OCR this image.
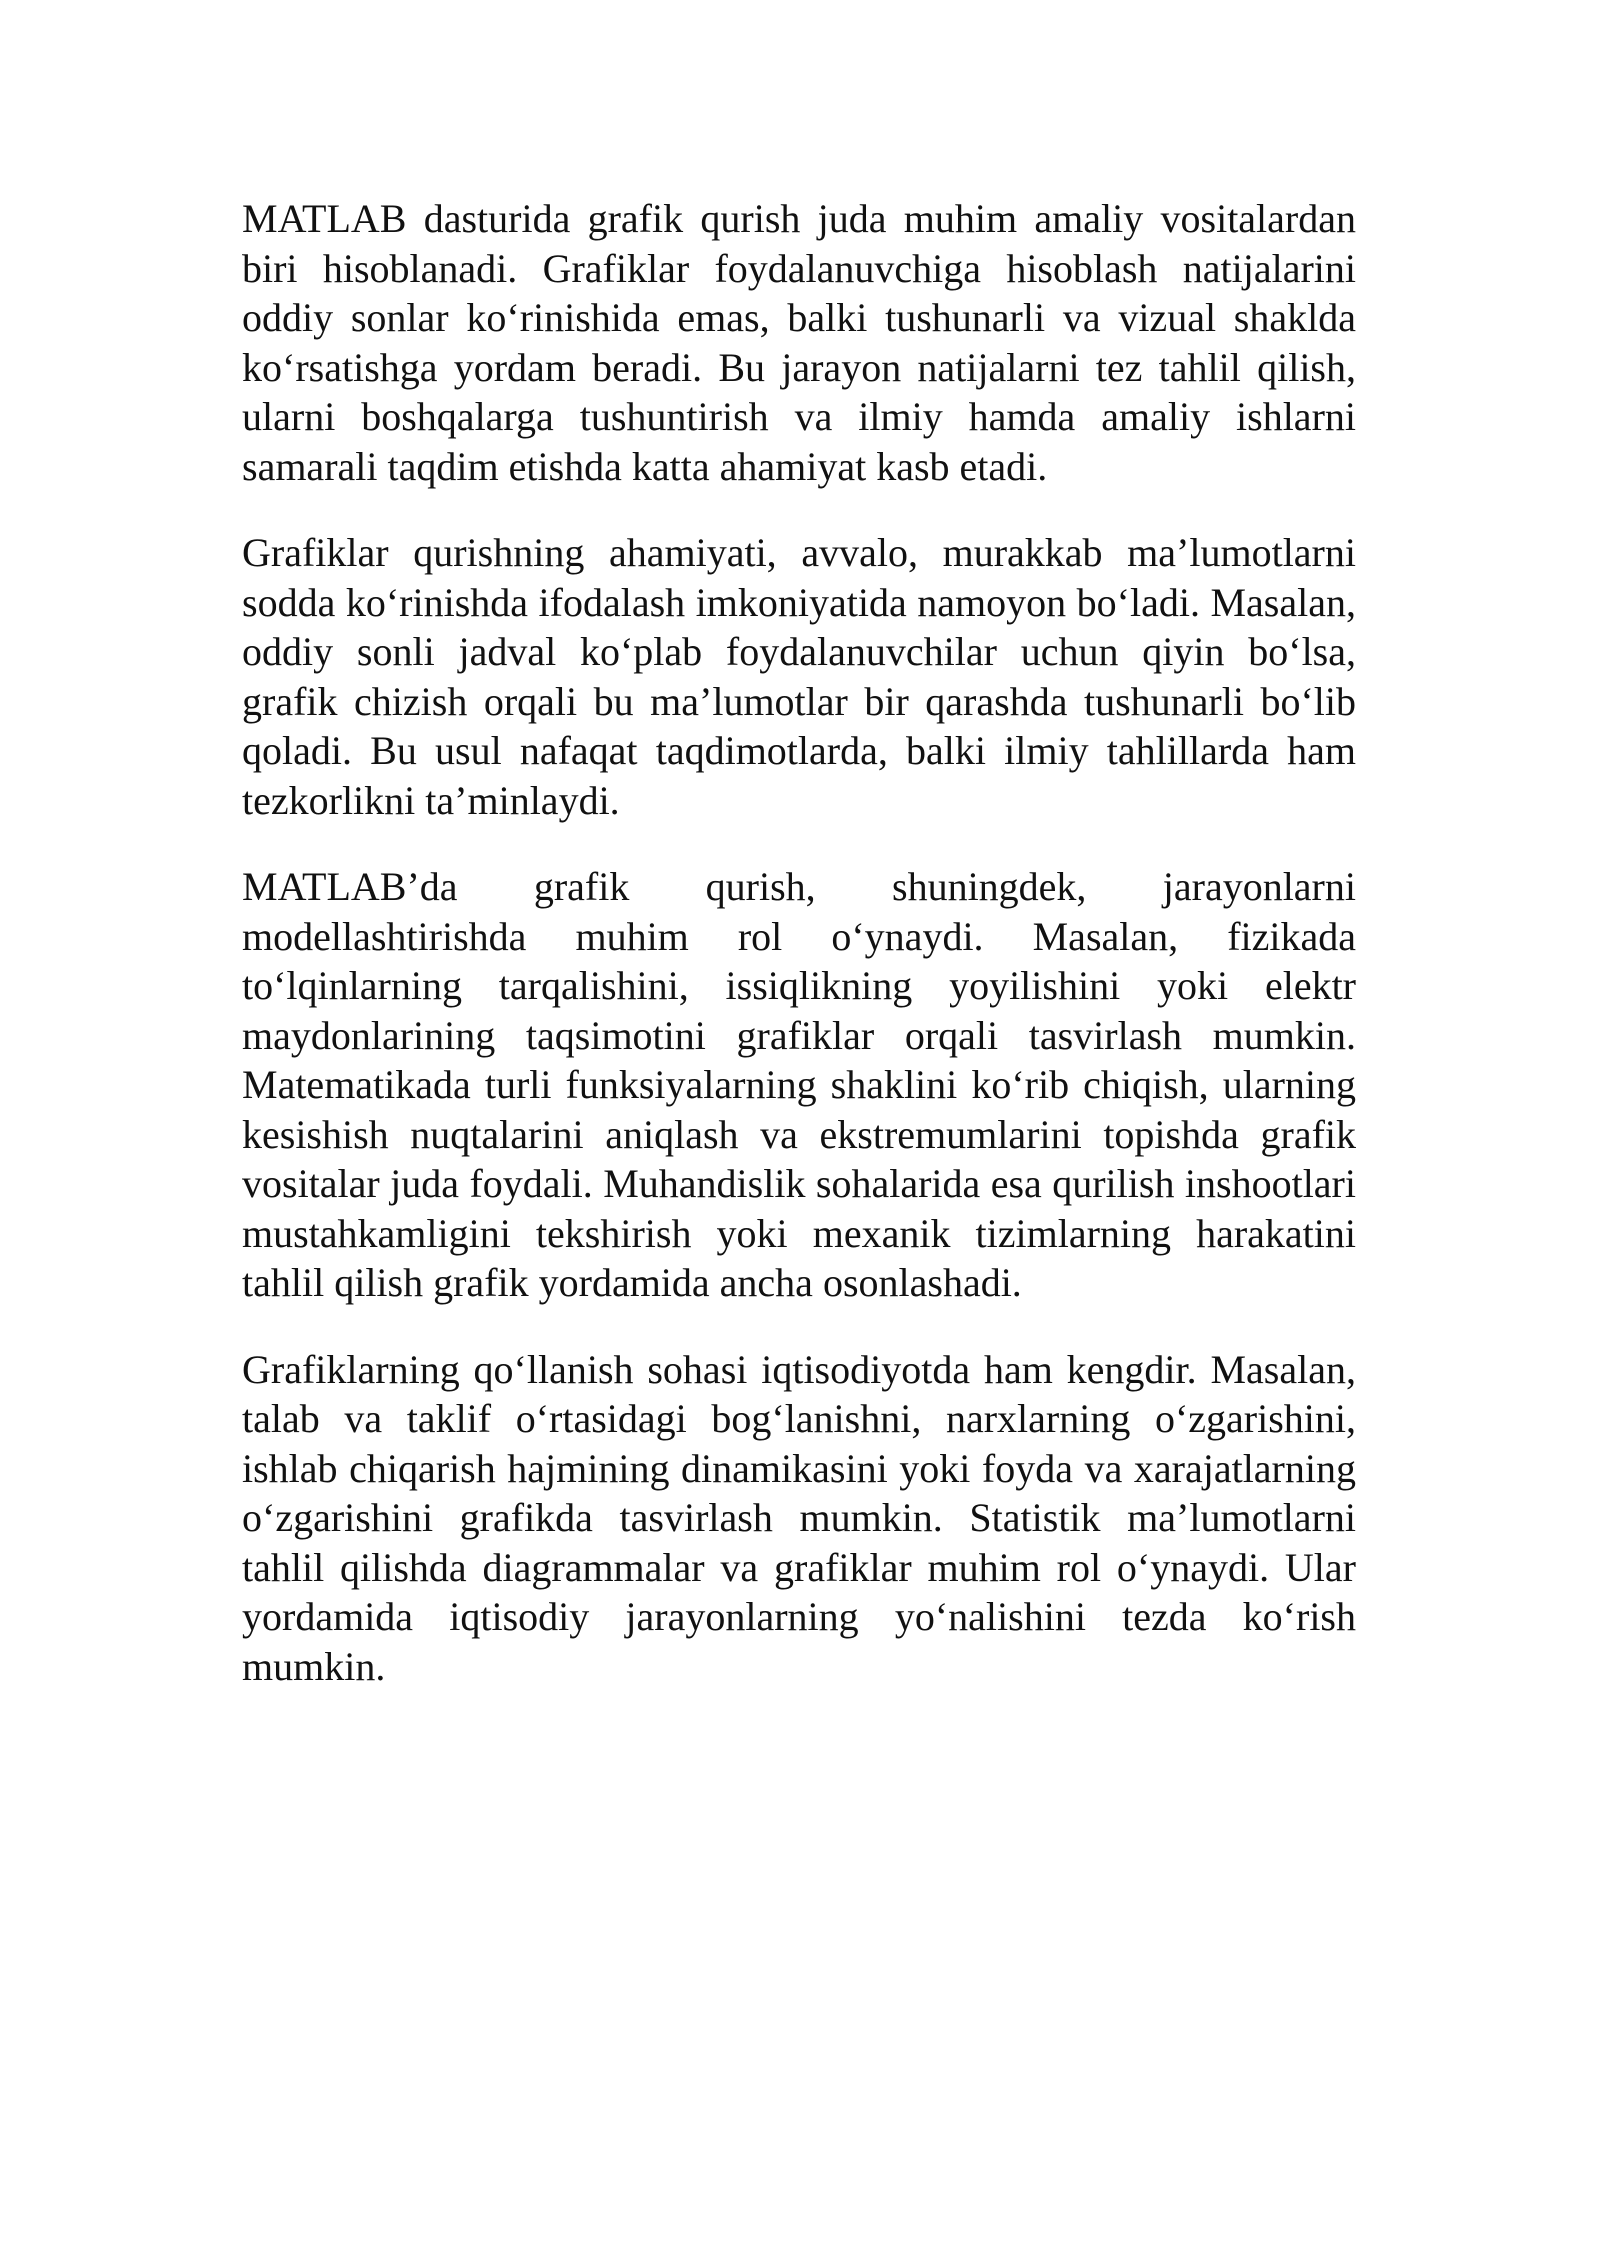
MATLAB dasturida grafik qurish juda muhim amaliy vositalardan biri hisoblanadi. Grafiklar foydalanuvchiga hisoblash natijalarini oddiy sonlar ko‘rinishida emas, balki tushunarli va vizual shaklda ko‘rsatishga yordam beradi. Bu jarayon natijalarni tez tahlil qilish, ularni boshqalarga tushuntirish va ilmiy hamda amaliy ishlarni samarali taqdim etishda katta ahamiyat kasb etadi.

Grafiklar qurishning ahamiyati, avvalo, murakkab ma’lumotlarni sodda ko‘rinishda ifodalash imkoniyatida namoyon bo‘ladi. Masalan, oddiy sonli jadval ko‘plab foydalanuvchilar uchun qiyin bo‘lsa, grafik chizish orqali bu ma’lumotlar bir qarashda tushunarli bo‘lib qoladi. Bu usul nafaqat taqdimotlarda, balki ilmiy tahlillarda ham tezkorlikni ta’minlaydi.

MATLAB’da grafik qurish, shuningdek, jarayonlarni modellashtirishda muhim rol o‘ynaydi. Masalan, fizikada to‘lqinlarning tarqalishini, issiqlikning yoyilishini yoki elektr maydonlarining taqsimotini grafiklar orqali tasvirlash mumkin. Matematikada turli funksiyalarning shaklini ko‘rib chiqish, ularning kesishish nuqtalarini aniqlash va ekstremumlarini topishda grafik vositalar juda foydali. Muhandislik sohalarida esa qurilish inshootlari mustahkamligini tekshirish yoki mexanik tizimlarning harakatini tahlil qilish grafik yordamida ancha osonlashadi.

Grafiklarning qo‘llanish sohasi iqtisodiyotda ham kengdir. Masalan, talab va taklif o‘rtasidagi bog‘lanishni, narxlarning o‘zgarishini, ishlab chiqarish hajmining dinamikasini yoki foyda va xarajatlarning o‘zgarishini grafikda tasvirlash mumkin. Statistik ma’lumotlarni tahlil qilishda diagrammalar va grafiklar muhim rol o‘ynaydi. Ular yordamida iqtisodiy jarayonlarning yo‘nalishini tezda ko‘rish mumkin.
